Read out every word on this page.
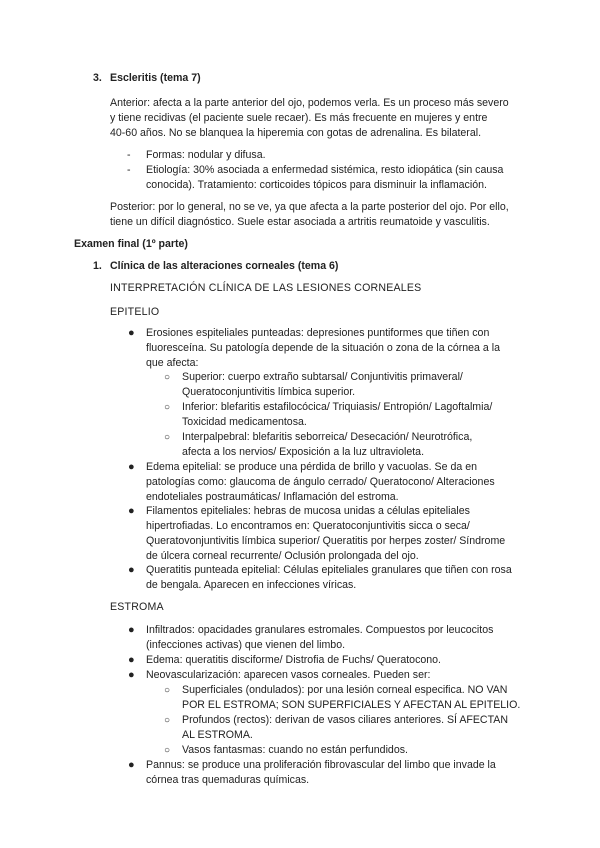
3. Escleritis (tema 7)
Anterior: afecta a la parte anterior del ojo, podemos verla. Es un proceso más severo
y tiene recidivas (el paciente suele recaer). Es más frecuente en mujeres y entre
40-60 años. No se blanquea la hiperemia con gotas de adrenalina. Es bilateral.
- Formas: nodular y difusa.
- Etiología: 30% asociada a enfermedad sistémica, resto idiopática (sin causa
conocida). Tratamiento: corticoides tópicos para disminuir la inflamación.
Posterior: por lo general, no se ve, ya que afecta a la parte posterior del ojo. Por ello,
tiene un difícil diagnóstico. Suele estar asociada a artritis reumatoide y vasculitis.
Examen final (1º parte)
1. Clínica de las alteraciones corneales (tema 6)
INTERPRETACIÓN CLÍNICA DE LAS LESIONES CORNEALES
EPITELIO
● Erosiones espiteliales punteadas: depresiones puntiformes que tiñen con
fluoresceína. Su patología depende de la situación o zona de la córnea a la
que afecta:
○ Superior: cuerpo extraño subtarsal/ Conjuntivitis primaveral/
Queratoconjuntivitis límbica superior.
○ Inferior: blefaritis estafilocócica/ Triquiasis/ Entropión/ Lagoftalmia/
Toxicidad medicamentosa.
○ Interpalpebral: blefaritis seborreica/ Desecación/ Neurotrófica,
afecta a los nervios/ Exposición a la luz ultravioleta.
● Edema epitelial: se produce una pérdida de brillo y vacuolas. Se da en
patologías como: glaucoma de ángulo cerrado/ Queratocono/ Alteraciones
endoteliales postraumáticas/ Inflamación del estroma.
● Filamentos epiteliales: hebras de mucosa unidas a células epiteliales
hipertrofiadas. Lo encontramos en: Queratoconjuntivitis sicca o seca/
Queratovonjuntivitis límbica superior/ Queratitis por herpes zoster/ Síndrome
de úlcera corneal recurrente/ Oclusión prolongada del ojo.
● Queratitis punteada epitelial: Células epiteliales granulares que tiñen con rosa
de bengala. Aparecen en infecciones víricas.
ESTROMA
● Infiltrados: opacidades granulares estromales. Compuestos por leucocitos
(infecciones activas) que vienen del limbo.
● Edema: queratitis disciforme/ Distrofia de Fuchs/ Queratocono.
● Neovascularización: aparecen vasos corneales. Pueden ser:
○ Superficiales (ondulados): por una lesión corneal especifica. NO VAN
POR EL ESTROMA; SON SUPERFICIALES Y AFECTAN AL EPITELIO.
○ Profundos (rectos): derivan de vasos ciliares anteriores. SÍ AFECTAN
AL ESTROMA.
○ Vasos fantasmas: cuando no están perfundidos.
● Pannus: se produce una proliferación fibrovascular del limbo que invade la
córnea tras quemaduras químicas.
